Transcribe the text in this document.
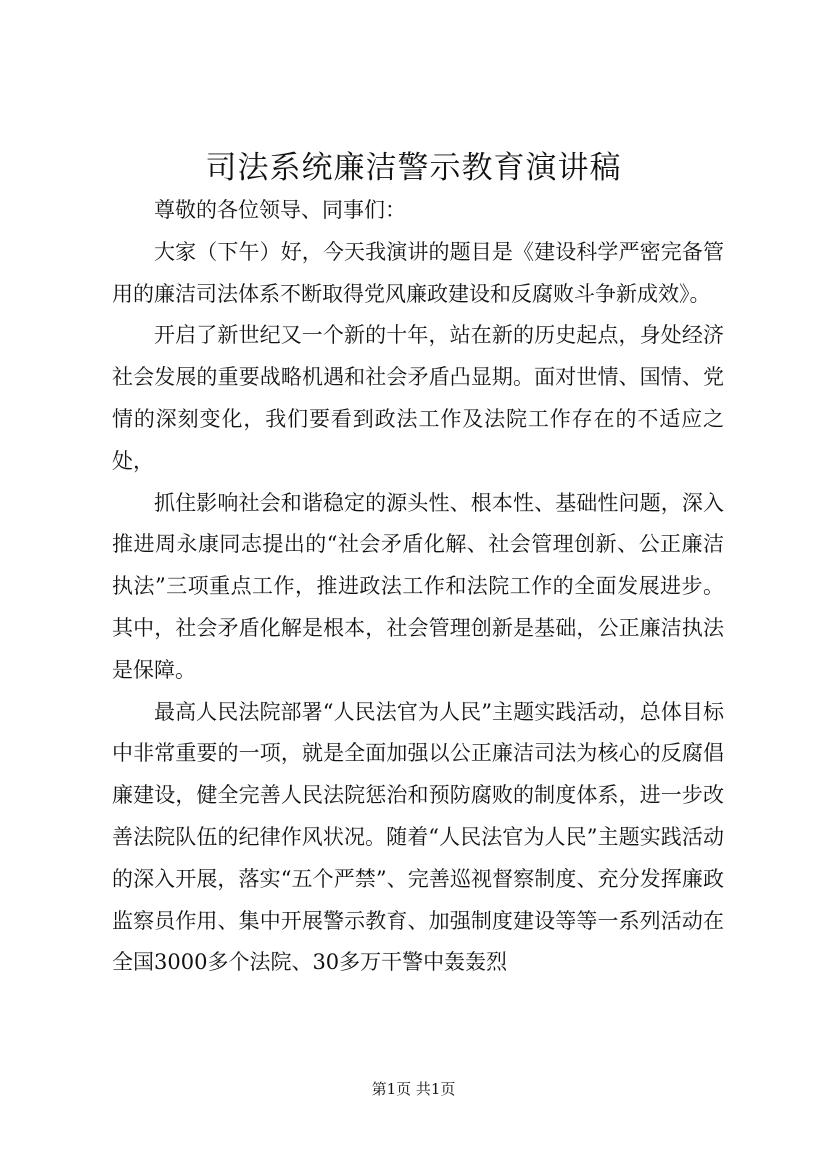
司法系统廉洁警示教育演讲稿

尊敬的各位领导、同事们：

大家（下午）好，今天我演讲的题目是《建设科学严密完备管用的廉洁司法体系不断取得党风廉政建设和反腐败斗争新成效》。

开启了新世纪又一个新的十年，站在新的历史起点，身处经济社会发展的重要战略机遇和社会矛盾凸显期。面对世情、国情、党情的深刻变化，我们要看到政法工作及法院工作存在的不适应之处，

抓住影响社会和谐稳定的源头性、根本性、基础性问题，深入推进周永康同志提出的“社会矛盾化解、社会管理创新、公正廉洁执法”三项重点工作，推进政法工作和法院工作的全面发展进步。其中，社会矛盾化解是根本，社会管理创新是基础，公正廉洁执法是保障。

最高人民法院部署“人民法官为人民”主题实践活动，总体目标中非常重要的一项，就是全面加强以公正廉洁司法为核心的反腐倡廉建设，健全完善人民法院惩治和预防腐败的制度体系，进一步改善法院队伍的纪律作风状况。随着“人民法官为人民”主题实践活动的深入开展，落实“五个严禁”、完善巡视督察制度、充分发挥廉政监察员作用、集中开展警示教育、加强制度建设等等一系列活动在全国3000多个法院、30多万干警中轰轰烈

第1页 共1页
